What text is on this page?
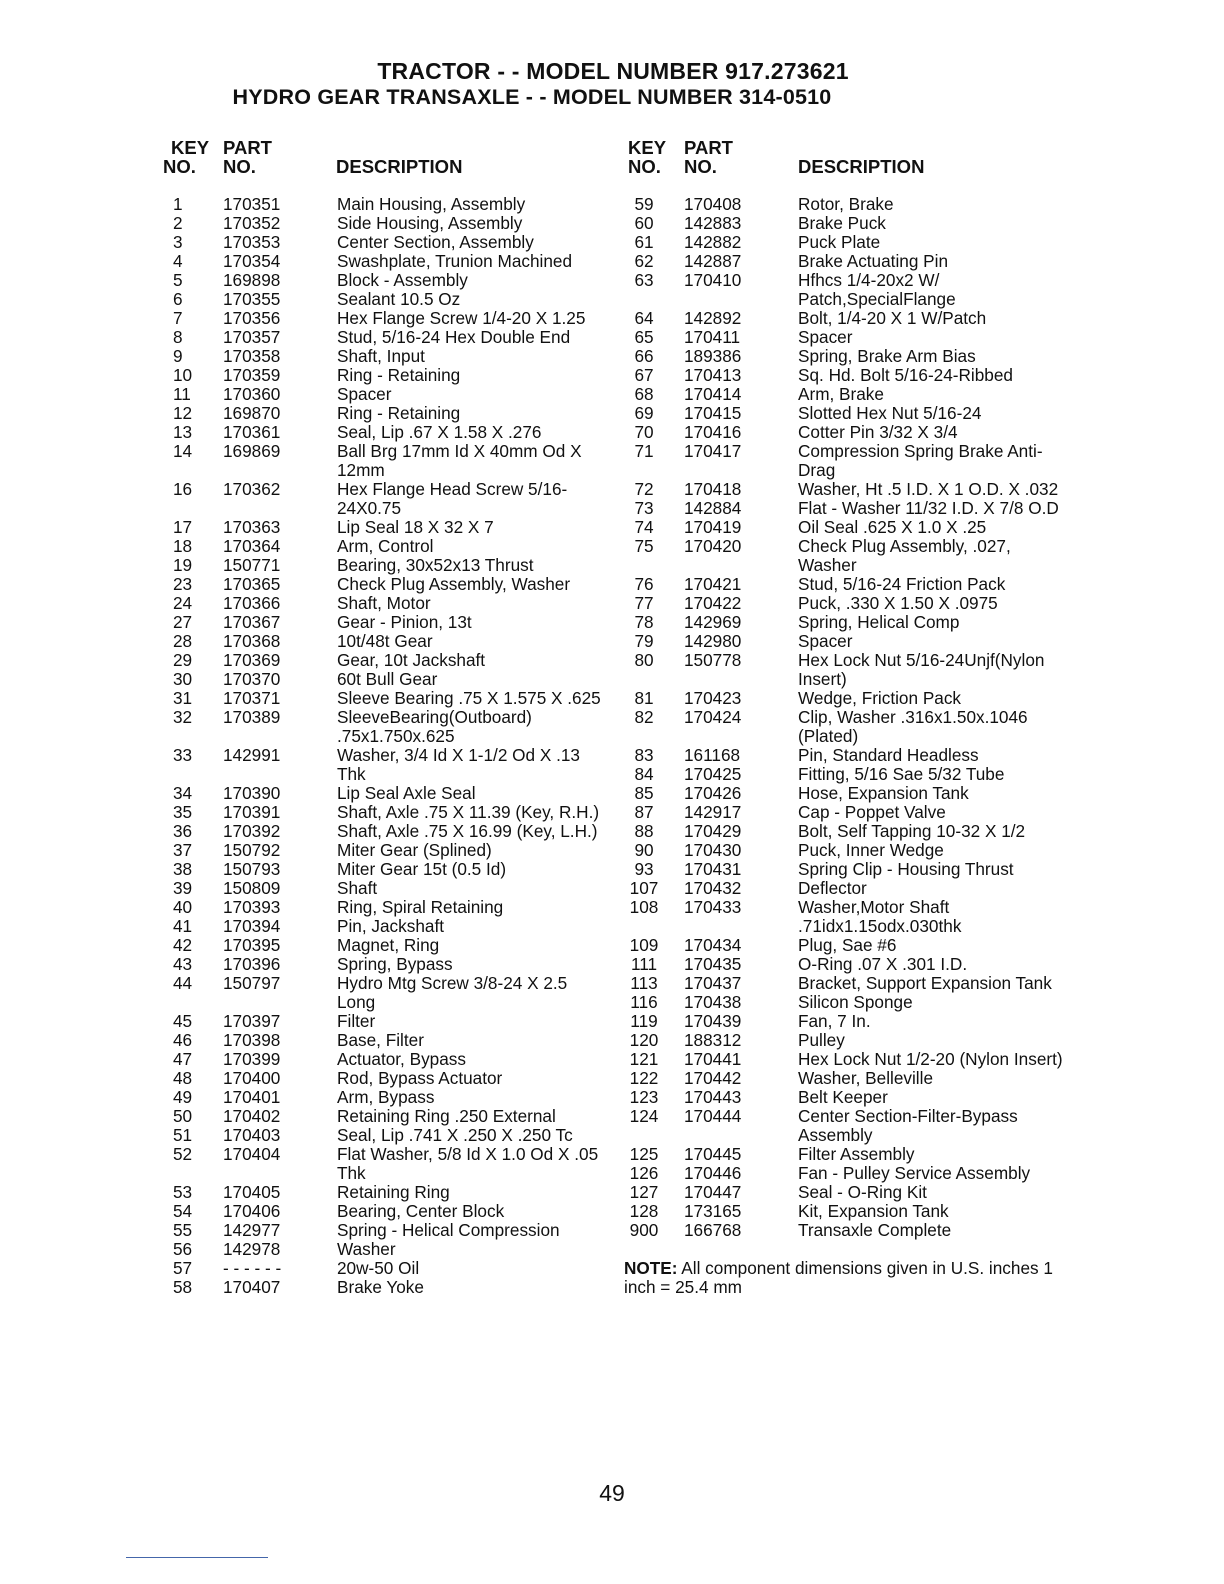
TRACTOR - - MODEL NUMBER 917.273621
HYDRO GEAR TRANSAXLE - - MODEL NUMBER 314-0510
KEY
NO.
PART
NO.	DESCRIPTION
1	170351	Main Housing, Assembly
2	170352	Side Housing, Assembly
3	170353	Center Section, Assembly
4	170354	Swashplate, Trunion Machined
5	169898	Block - Assembly
6	170355	Sealant 10.5 Oz
7	170356	Hex Flange Screw 1/4-20 X 1.25
8	170357	Stud, 5/16-24 Hex Double End
9	170358	Shaft, Input
10	170359	Ring - Retaining
11	170360	Spacer
12	169870	Ring - Retaining
13	170361	Seal, Lip .67 X 1.58 X .276
14	169869	Ball Brg 17mm Id X 40mm Od X 12mm
16	170362	Hex Flange Head Screw 5/16-24X0.75
17	170363	Lip Seal 18 X 32 X 7
18	170364	Arm, Control
19	150771	Bearing, 30x52x13 Thrust
23	170365	Check Plug Assembly, Washer
24	170366	Shaft, Motor
27	170367	Gear - Pinion, 13t
28	170368	10t/48t Gear
29	170369	Gear, 10t Jackshaft
30	170370	60t Bull Gear
31	170371	Sleeve Bearing .75 X 1.575 X .625
32	170389	SleeveBearing(Outboard) .75x1.750x.625
33	142991	Washer, 3/4 Id X 1-1/2 Od X .13 Thk
34	170390	Lip Seal Axle Seal
35	170391	Shaft, Axle .75 X 11.39 (Key, R.H.)
36	170392	Shaft, Axle .75 X 16.99 (Key, L.H.)
37	150792	Miter Gear (Splined)
38	150793	Miter Gear 15t (0.5 Id)
39	150809	Shaft
40	170393	Ring, Spiral Retaining
41	170394	Pin, Jackshaft
42	170395	Magnet, Ring
43	170396	Spring, Bypass
44	150797	Hydro Mtg Screw 3/8-24 X 2.5 Long
45	170397	Filter
46	170398	Base, Filter
47	170399	Actuator, Bypass
48	170400	Rod, Bypass Actuator
49	170401	Arm, Bypass
50	170402	Retaining Ring .250 External
51	170403	Seal, Lip .741 X .250 X .250 Tc
52	170404	Flat Washer, 5/8 Id X 1.0 Od X .05 Thk
53	170405	Retaining Ring
54	170406	Bearing, Center Block
55	142977	Spring - Helical Compression
56	142978	Washer
57	- - - - - -	20w-50 Oil
58	170407	Brake Yoke
KEY
NO.
PART
NO.	DESCRIPTION
59	170408	Rotor, Brake
60	142883	Brake Puck
61	142882	Puck Plate
62	142887	Brake Actuating Pin
63	170410	Hfhcs 1/4-20x2 W/ Patch,SpecialFlange
64	142892	Bolt, 1/4-20 X 1 W/Patch
65	170411	Spacer
66	189386	Spring, Brake Arm Bias
67	170413	Sq. Hd. Bolt 5/16-24-Ribbed
68	170414	Arm, Brake
69	170415	Slotted Hex Nut 5/16-24
70	170416	Cotter Pin 3/32 X 3/4
71	170417	Compression Spring Brake Anti-Drag
72	170418	Washer, Ht .5 I.D. X 1 O.D. X .032
73	142884	Flat - Washer 11/32 I.D. X 7/8 O.D
74	170419	Oil Seal .625 X 1.0 X .25
75	170420	Check Plug Assembly, .027, Washer
76	170421	Stud, 5/16-24 Friction Pack
77	170422	Puck, .330 X 1.50 X .0975
78	142969	Spring, Helical Comp
79	142980	Spacer
80	150778	Hex Lock Nut 5/16-24Unjf(Nylon Insert)
81	170423	Wedge, Friction Pack
82	170424	Clip, Washer .316x1.50x.1046 (Plated)
83	161168	Pin, Standard Headless
84	170425	Fitting, 5/16 Sae 5/32 Tube
85	170426	Hose, Expansion Tank
87	142917	Cap - Poppet Valve
88	170429	Bolt, Self Tapping 10-32 X 1/2
90	170430	Puck, Inner Wedge
93	170431	Spring Clip - Housing Thrust
107	170432	Deflector
108	170433	Washer,Motor Shaft .71idx1.15odx.030thk
109	170434	Plug, Sae #6
111	170435	O-Ring .07 X .301 I.D.
113	170437	Bracket, Support Expansion Tank
116	170438	Silicon Sponge
119	170439	Fan, 7 In.
120	188312	Pulley
121	170441	Hex Lock Nut 1/2-20 (Nylon Insert)
122	170442	Washer, Belleville
123	170443	Belt Keeper
124	170444	Center Section-Filter-Bypass Assembly
125	170445	Filter Assembly
126	170446	Fan - Pulley Service Assembly
127	170447	Seal - O-Ring Kit
128	173165	Kit, Expansion Tank
900	166768	Transaxle Complete
NOTE: All component dimensions given in U.S. inches 1 inch = 25.4 mm
49
